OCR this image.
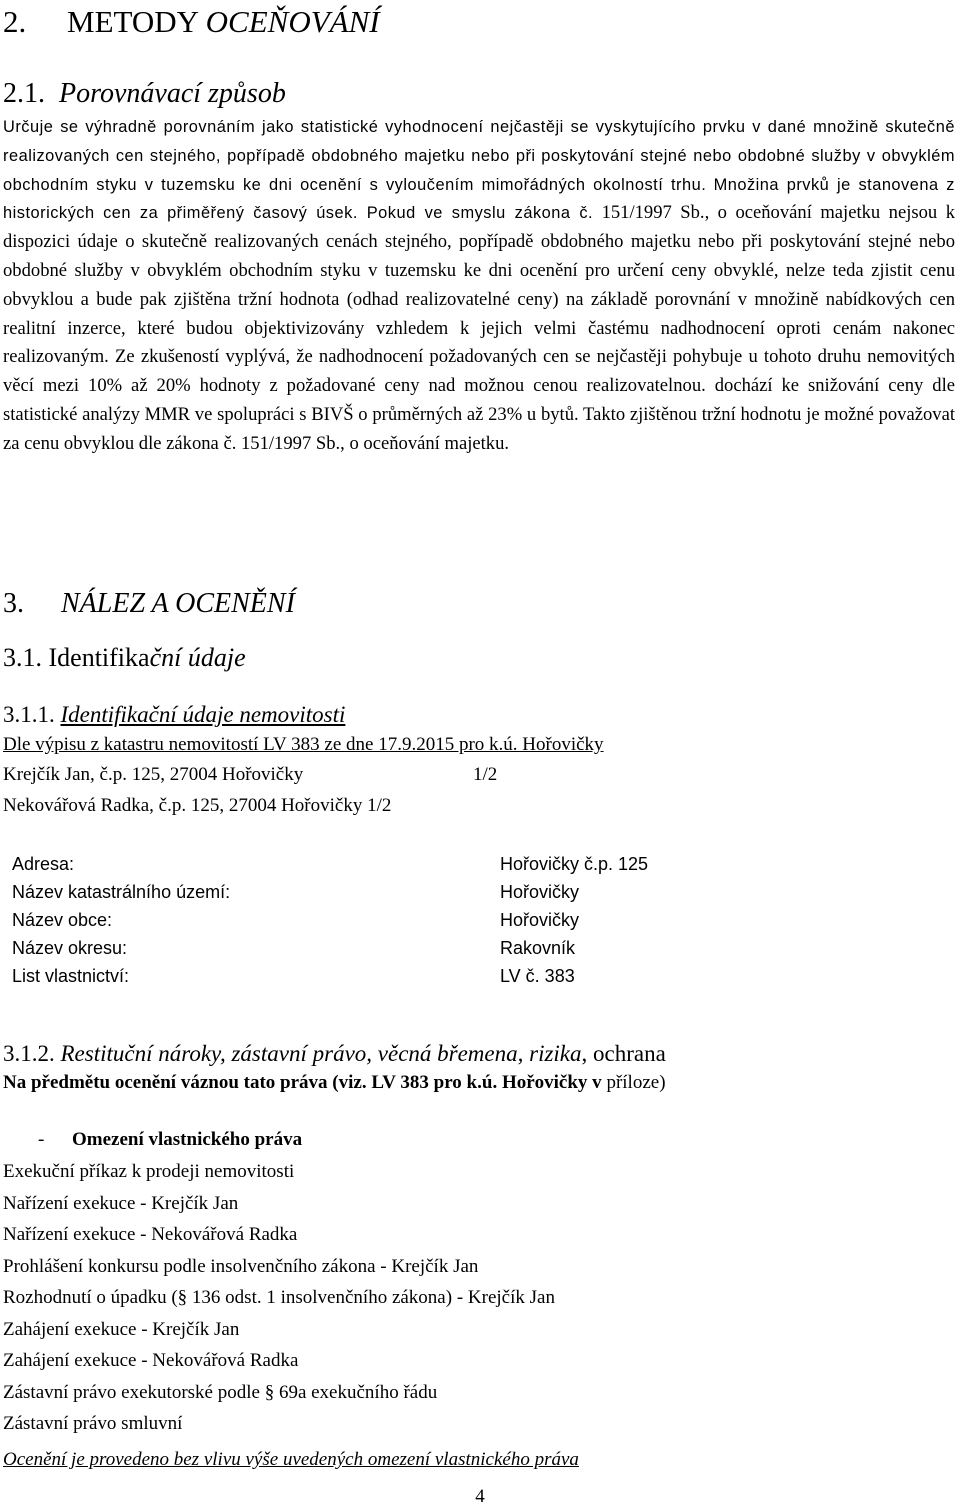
2. METODY OCEŇOVÁNÍ
2.1. Porovnávací způsob
Určuje se výhradně porovnáním jako statistické vyhodnocení nejčastěji se vyskytujícího prvku v dané množině skutečně realizovaných cen stejného, popřípadě obdobného majetku nebo při poskytování stejné nebo obdobné služby v obvyklém obchodním styku v tuzemsku ke dni ocenění s vyloučením mimořádných okolností trhu. Množina prvků je stanovena z historických cen za přiměřený časový úsek. Pokud ve smyslu zákona č. 151/1997 Sb., o oceňování majetku nejsou k dispozici údaje o skutečně realizovaných cenách stejného, popřípadě obdobného majetku nebo při poskytování stejné nebo obdobné služby v obvyklém obchodním styku v tuzemsku ke dni ocenění pro určení ceny obvyklé, nelze teda zjistit cenu obvyklou a bude pak zjištěna tržní hodnota (odhad realizovatelné ceny) na základě porovnání v množině nabídkových cen realitní inzerce, které budou objektivizovány vzhledem k jejich velmi častému nadhodnocení oproti cenám nakonec realizovaným. Ze zkušeností vyplývá, že nadhodnocení požadovaných cen se nejčastěji pohybuje u tohoto druhu nemovitých věcí mezi 10% až 20% hodnoty z požadované ceny nad možnou cenou realizovatelnou. dochází ke snižování ceny dle statistické analýzy MMR ve spolupráci s BIVŠ o průměrných až 23% u bytů. Takto zjištěnou tržní hodnotu je možné považovat za cenu obvyklou dle zákona č. 151/1997 Sb., o oceňování majetku.
3. NÁLEZ A OCENĚNÍ
3.1. Identifikační údaje
3.1.1. Identifikační údaje nemovitosti
Dle výpisu z katastru nemovitostí LV 383 ze dne 17.9.2015 pro k.ú. Hořovičky
Krejčík Jan, č.p. 125, 27004 Hořovičky	1/2
Nekovářová Radka, č.p. 125, 27004 Hořovičky 1/2
Adresa:	Hořovičky č.p. 125
Název katastrálního území:	Hořovičky
Název obce:	Hořovičky
Název okresu:	Rakovník
List vlastnictví:	LV č. 383
3.1.2. Restituční nároky, zástavní právo, věcná břemena, rizika, ochrana
Na předmětu ocenění váznou tato práva (viz. LV 383 pro k.ú. Hořovičky v příloze)
- Omezení vlastnického práva
Exekuční příkaz k prodeji nemovitosti
Nařízení exekuce - Krejčík Jan
Nařízení exekuce - Nekovářová Radka
Prohlášení konkursu podle insolvenčního zákona - Krejčík Jan
Rozhodnutí o úpadku (§ 136 odst. 1 insolvenčního zákona) - Krejčík Jan
Zahájení exekuce - Krejčík Jan
Zahájení exekuce - Nekovářová Radka
Zástavní právo exekutorské podle § 69a exekučního řádu
Zástavní právo smluvní
Ocenění je provedeno bez vlivu výše uvedených omezení vlastnického práva
4
